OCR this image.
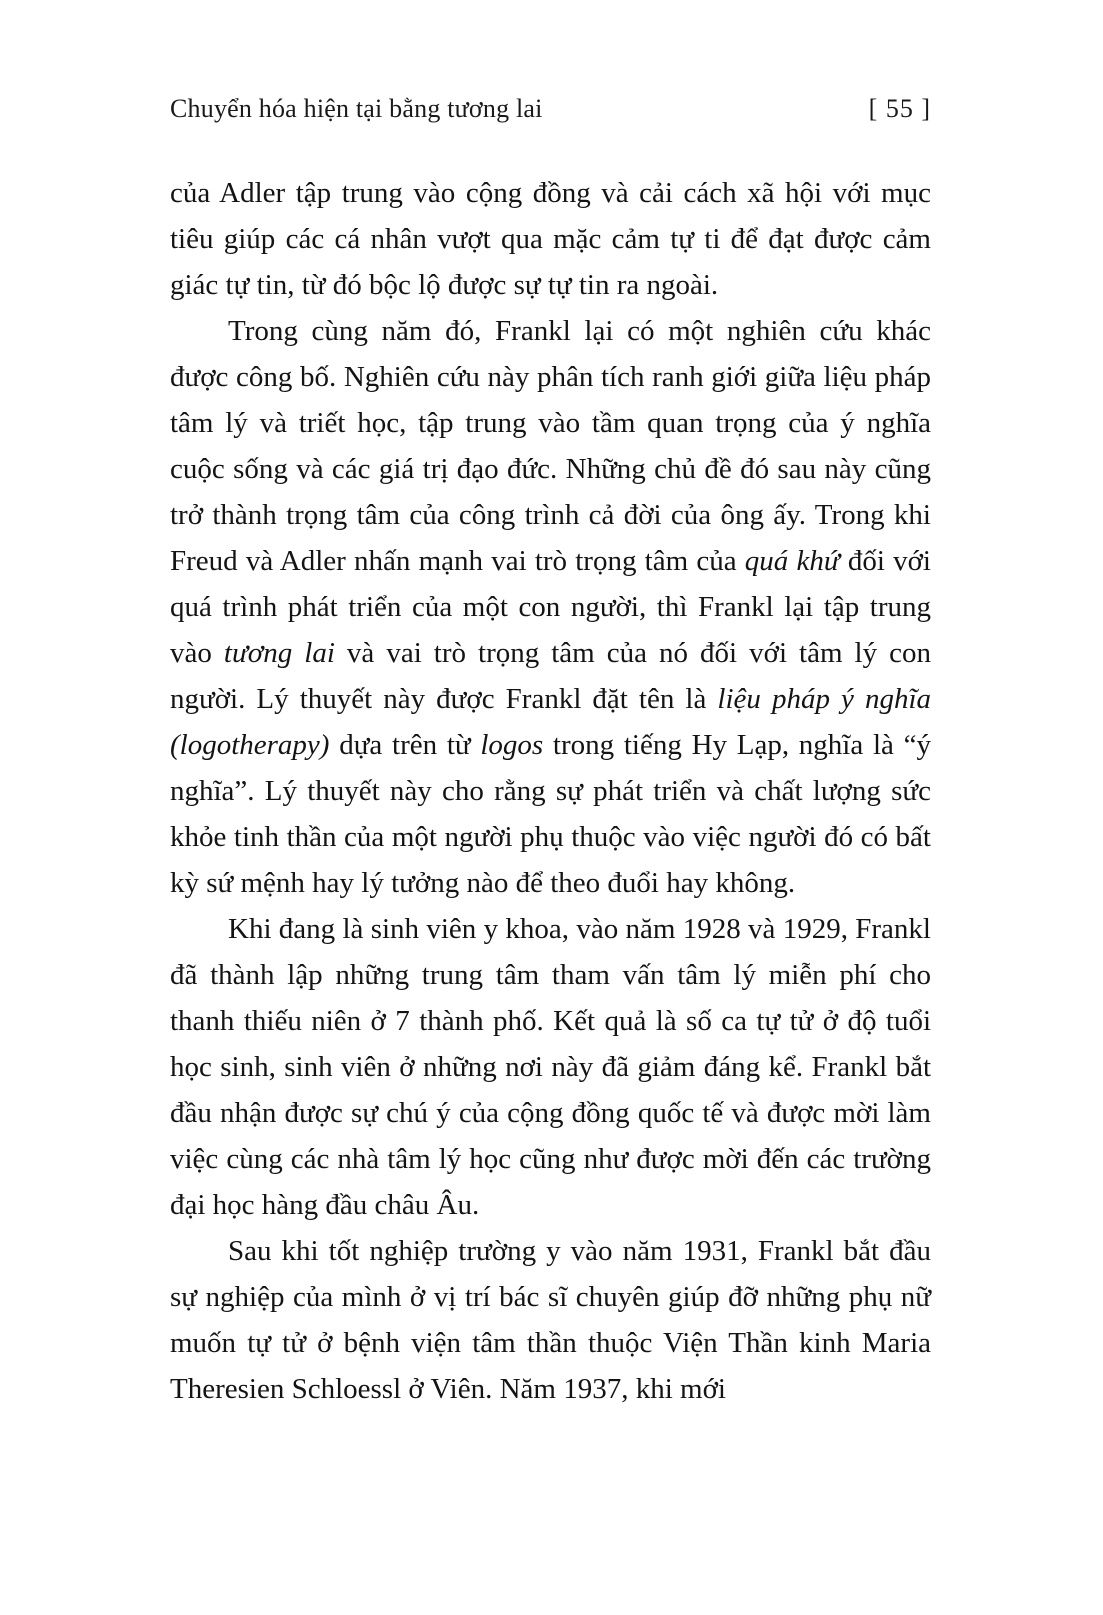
Chuyển hóa hiện tại bằng tương lai	[ 55 ]

của Adler tập trung vào cộng đồng và cải cách xã hội với mục tiêu giúp các cá nhân vượt qua mặc cảm tự ti để đạt được cảm giác tự tin, từ đó bộc lộ được sự tự tin ra ngoài.

Trong cùng năm đó, Frankl lại có một nghiên cứu khác được công bố. Nghiên cứu này phân tích ranh giới giữa liệu pháp tâm lý và triết học, tập trung vào tầm quan trọng của ý nghĩa cuộc sống và các giá trị đạo đức. Những chủ đề đó sau này cũng trở thành trọng tâm của công trình cả đời của ông ấy. Trong khi Freud và Adler nhấn mạnh vai trò trọng tâm của quá khứ đối với quá trình phát triển của một con người, thì Frankl lại tập trung vào tương lai và vai trò trọng tâm của nó đối với tâm lý con người. Lý thuyết này được Frankl đặt tên là liệu pháp ý nghĩa (logotherapy) dựa trên từ logos trong tiếng Hy Lạp, nghĩa là “ý nghĩa”. Lý thuyết này cho rằng sự phát triển và chất lượng sức khỏe tinh thần của một người phụ thuộc vào việc người đó có bất kỳ sứ mệnh hay lý tưởng nào để theo đuổi hay không.

Khi đang là sinh viên y khoa, vào năm 1928 và 1929, Frankl đã thành lập những trung tâm tham vấn tâm lý miễn phí cho thanh thiếu niên ở 7 thành phố. Kết quả là số ca tự tử ở độ tuổi học sinh, sinh viên ở những nơi này đã giảm đáng kể. Frankl bắt đầu nhận được sự chú ý của cộng đồng quốc tế và được mời làm việc cùng các nhà tâm lý học cũng như được mời đến các trường đại học hàng đầu châu Âu.

Sau khi tốt nghiệp trường y vào năm 1931, Frankl bắt đầu sự nghiệp của mình ở vị trí bác sĩ chuyên giúp đỡ những phụ nữ muốn tự tử ở bệnh viện tâm thần thuộc Viện Thần kinh Maria Theresien Schloessl ở Viên. Năm 1937, khi mới
